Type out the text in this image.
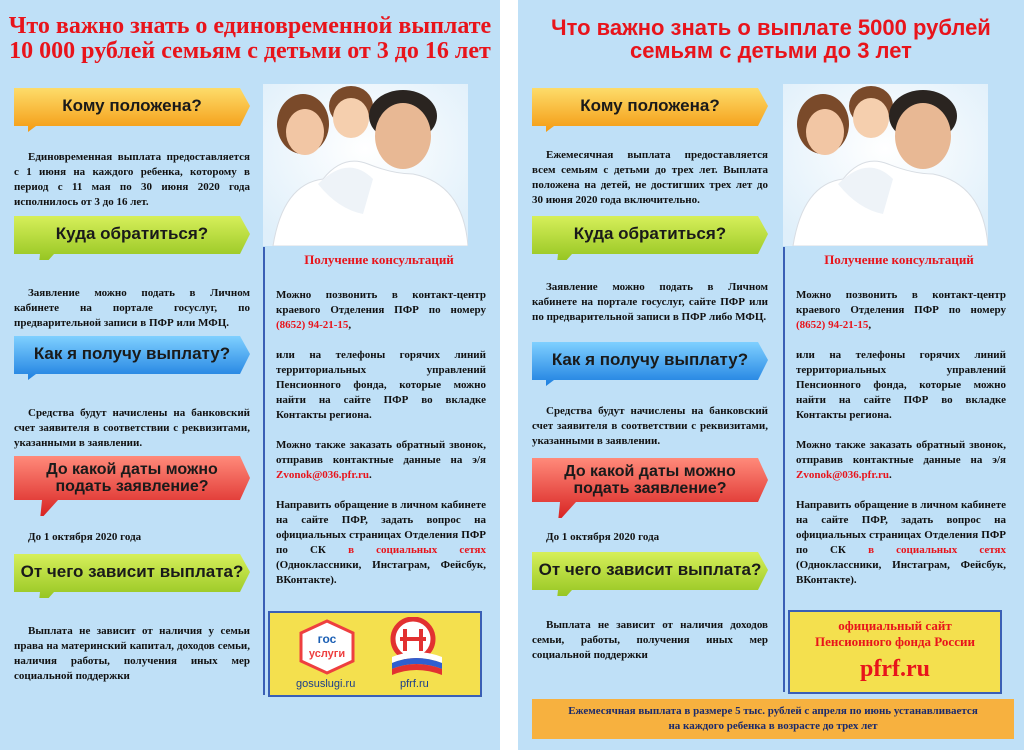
Что важно знать о единовременной выплате
10 000 рублей семьям с детьми от 3 до 16 лет
Кому положена?
Единовременная выплата предоставляется с 1 июня на каждого ребенка, которому в период с 11 мая по 30 июня 2020 года исполнилось от 3 до 16 лет.
Куда обратиться?
Заявление можно подать в Личном кабинете на портале госуслуг, по предварительной записи в ПФР или МФЦ.
Как я получу выплату?
Средства будут начислены на банковский счет заявителя в соответствии с реквизитами, указанными в заявлении.
До какой даты можно
подать заявление?
До 1 октября 2020 года
От чего зависит выплата?
Выплата не зависит от наличия у семьи права на материнский капитал, доходов семьи, наличия работы, получения иных мер социальной поддержки
Получение консультаций

Можно позвонить в контакт-центр краевого Отделения ПФР по номеру (8652) 94-21-15,

или на телефоны горячих линий территориальных управлений Пенсионного фонда, которые можно найти на сайте ПФР во вкладке Контакты региона.

Можно также заказать обратный звонок, отправив контактные данные на э/я Zvonok@036.pfr.ru.

Направить обращение в личном кабинете на сайте ПФР, задать вопрос на официальных страницах Отделения ПФР по СК в социальных сетях (Одноклассники, Инстаграм, Фейсбук, ВКонтакте).

гос
услуги
gosuslugi.ru	pfrf.ru
Что важно знать о выплате 5000 рублей
семьям с детьми до 3 лет
Кому положена?
Ежемесячная выплата предоставляется всем семьям с детьми до трех лет. Выплата положена на детей, не достигших трех лет до 30 июня 2020 года включительно.
Куда обратиться?
Заявление можно подать в Личном кабинете на портале госуслуг, сайте ПФР или по предварительной записи в ПФР либо МФЦ.
Как я получу выплату?
Средства будут начислены на банковский счет заявителя в соответствии с реквизитами, указанными в заявлении.
До какой даты можно
подать заявление?
До 1 октября 2020 года
От чего зависит выплата?
Выплата не зависит от наличия доходов семьи, работы, получения иных мер социальной поддержки
Получение консультаций

Можно позвонить в контакт-центр краевого Отделения ПФР по номеру (8652) 94-21-15,

или на телефоны горячих линий территориальных управлений Пенсионного фонда, которые можно найти на сайте ПФР во вкладке Контакты региона.

Можно также заказать обратный звонок, отправив контактные данные на э/я Zvonok@036.pfr.ru.

Направить обращение в личном кабинете на сайте ПФР, задать вопрос на официальных страницах Отделения ПФР по СК в социальных сетях (Одноклассники, Инстаграм, Фейсбук, ВКонтакте).

официальный сайт
Пенсионного фонда России
pfrf.ru
Ежемесячная выплата в размере 5 тыс. рублей с апреля по июнь устанавливается
на каждого ребенка в возрасте до трех лет
